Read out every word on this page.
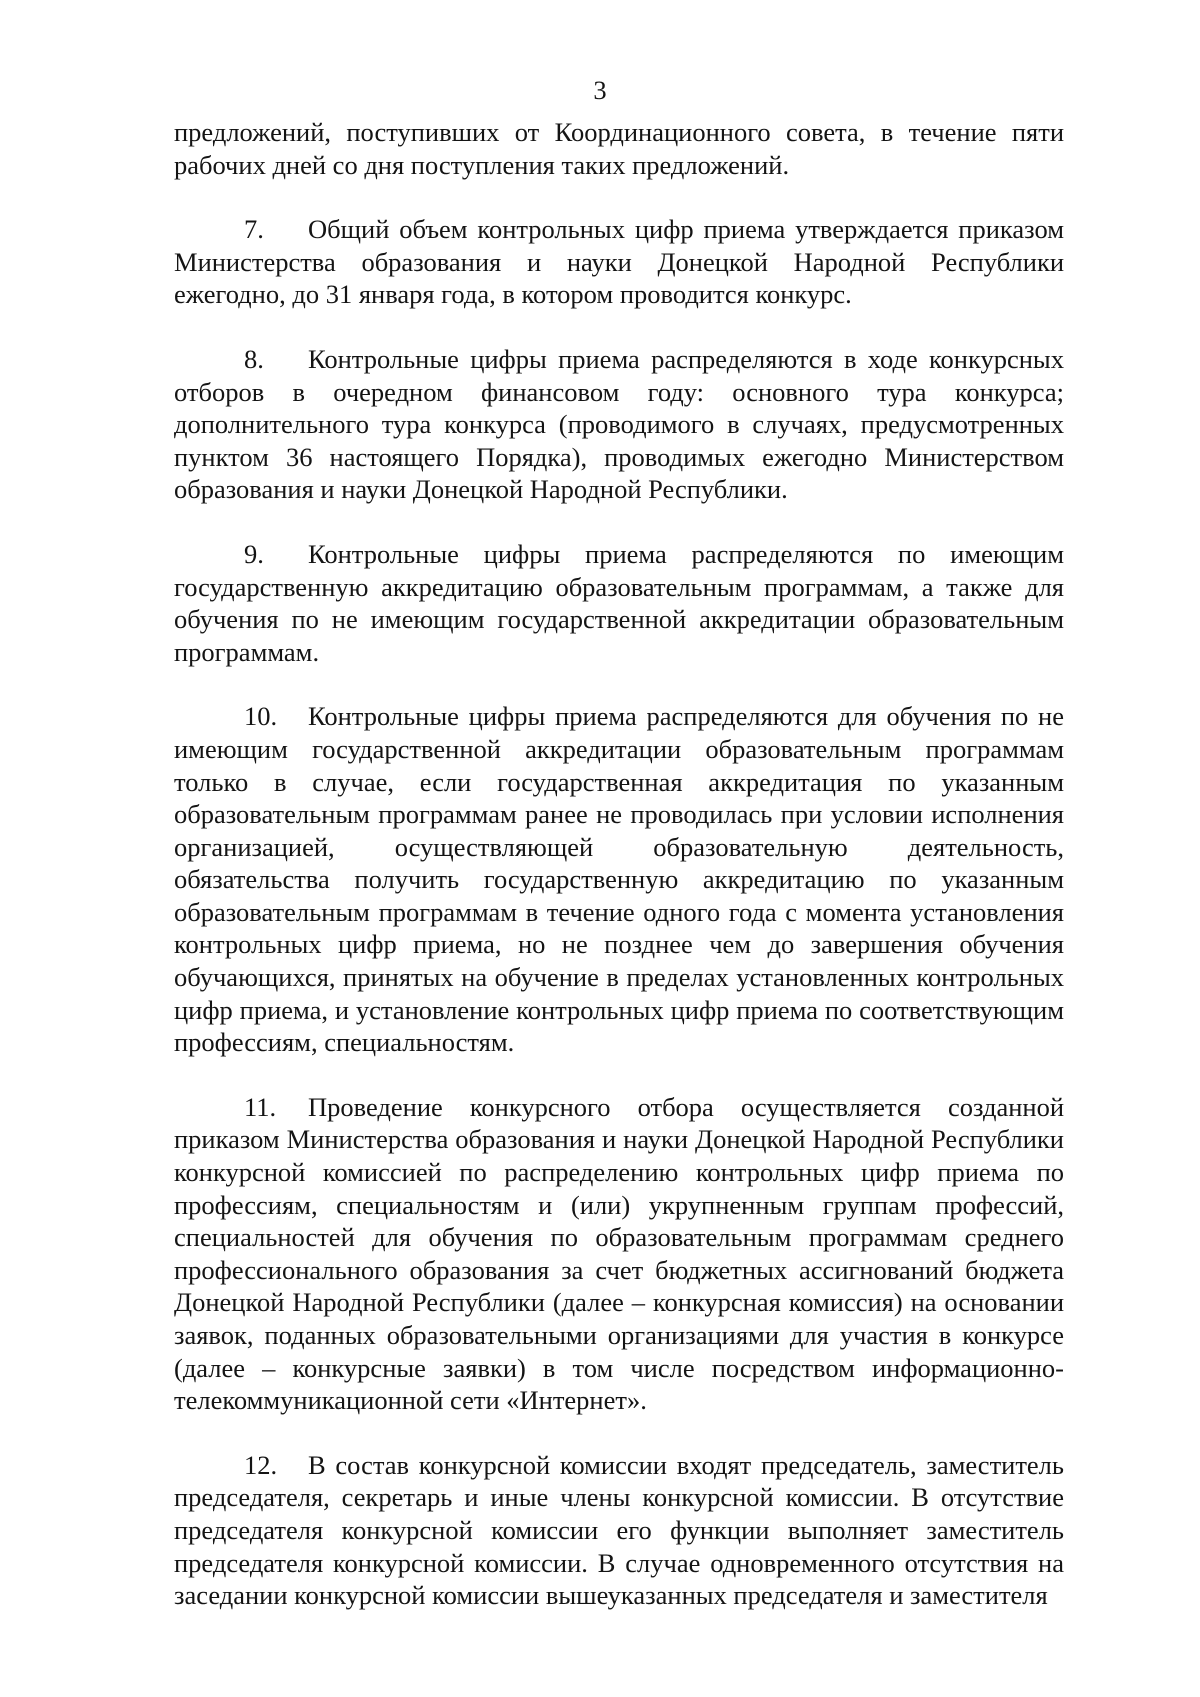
3

предложений, поступивших от Координационного совета, в течение пяти рабочих дней со дня поступления таких предложений.

7. Общий объем контрольных цифр приема утверждается приказом Министерства образования и науки Донецкой Народной Республики ежегодно, до 31 января года, в котором проводится конкурс.

8. Контрольные цифры приема распределяются в ходе конкурсных отборов в очередном финансовом году: основного тура конкурса; дополнительного тура конкурса (проводимого в случаях, предусмотренных пунктом 36 настоящего Порядка), проводимых ежегодно Министерством образования и науки Донецкой Народной Республики.

9. Контрольные цифры приема распределяются по имеющим государственную аккредитацию образовательным программам, а также для обучения по не имеющим государственной аккредитации образовательным программам.

10. Контрольные цифры приема распределяются для обучения по не имеющим государственной аккредитации образовательным программам только в случае, если государственная аккредитация по указанным образовательным программам ранее не проводилась при условии исполнения организацией, осуществляющей образовательную деятельность, обязательства получить государственную аккредитацию по указанным образовательным программам в течение одного года с момента установления контрольных цифр приема, но не позднее чем до завершения обучения обучающихся, принятых на обучение в пределах установленных контрольных цифр приема, и установление контрольных цифр приема по соответствующим профессиям, специальностям.

11. Проведение конкурсного отбора осуществляется созданной приказом Министерства образования и науки Донецкой Народной Республики конкурсной комиссией по распределению контрольных цифр приема по профессиям, специальностям и (или) укрупненным группам профессий, специальностей для обучения по образовательным программам среднего профессионального образования за счет бюджетных ассигнований бюджета Донецкой Народной Республики (далее – конкурсная комиссия) на основании заявок, поданных образовательными организациями для участия в конкурсе (далее – конкурсные заявки) в том числе посредством информационно-телекоммуникационной сети «Интернет».

12. В состав конкурсной комиссии входят председатель, заместитель председателя, секретарь и иные члены конкурсной комиссии. В отсутствие председателя конкурсной комиссии его функции выполняет заместитель председателя конкурсной комиссии. В случае одновременного отсутствия на заседании конкурсной комиссии вышеуказанных председателя и заместителя
